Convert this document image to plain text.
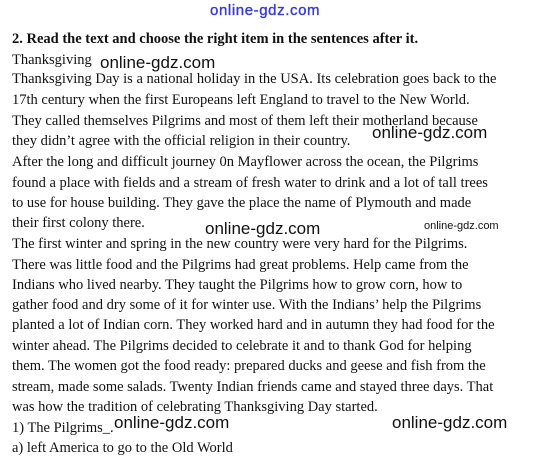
online-gdz.com
2. Read the text and choose the right item in the sentences after it.
Thanksgiving
Thanksgiving Day is a national holiday in the USA. Its celebration goes back to the
17th century when the first Europeans left England to travel to the New World.
They called themselves Pilgrims and most of them left their motherland because
they didn’t agree with the official religion in their country.
After the long and difficult journey 0n Mayflower across the ocean, the Pilgrims
found a place with fields and a stream of fresh water to drink and a lot of tall trees
to use for house building. They gave the place the name of Plymouth and made
their first colony there.
The first winter and spring in the new country were very hard for the Pilgrims.
There was little food and the Pilgrims had great problems. Help came from the
Indians who lived nearby. They taught the Pilgrims how to grow corn, how to
gather food and dry some of it for winter use. With the Indians’ help the Pilgrims
planted a lot of Indian corn. They worked hard and in autumn they had food for the
winter ahead. The Pilgrims decided to celebrate it and to thank God for helping
them. The women got the food ready: prepared ducks and geese and fish from the
stream, made some salads. Twenty Indian friends came and stayed three days. That
was how the tradition of celebrating Thanksgiving Day started.
1) The Pilgrims_.
a) left America to go to the Old World
online-gdz.com
online-gdz.com
online-gdz.com	online-gdz.com
online-gdz.com	online-gdz.com
